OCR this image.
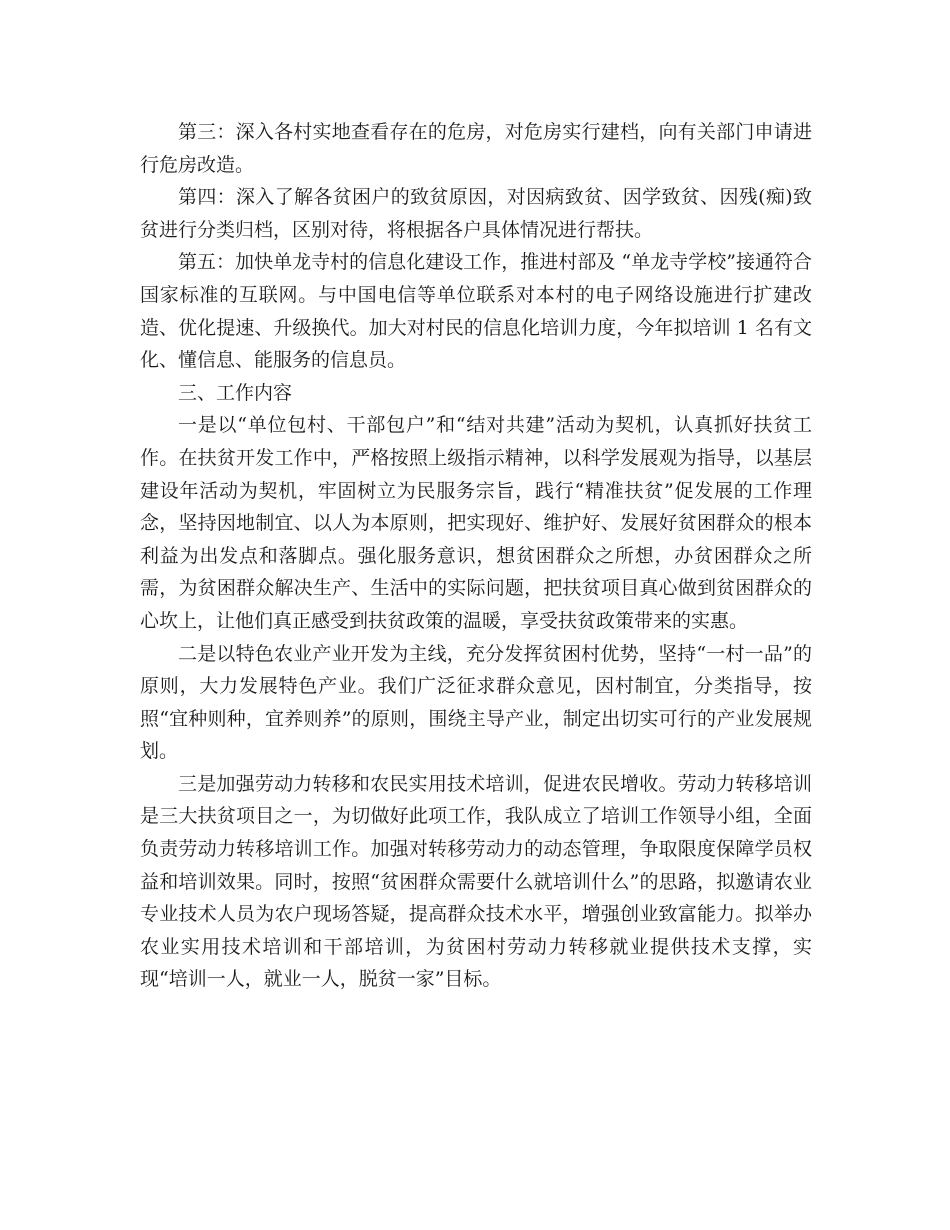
第三：深入各村实地查看存在的危房，对危房实行建档，向有关部门申请进行危房改造。

第四：深入了解各贫困户的致贫原因，对因病致贫、因学致贫、因残(痴)致贫进行分类归档，区别对待，将根据各户具体情况进行帮扶。

第五：加快单龙寺村的信息化建设工作，推进村部及 “单龙寺学校”接通符合国家标准的互联网。与中国电信等单位联系对本村的电子网络设施进行扩建改造、优化提速、升级换代。加大对村民的信息化培训力度，今年拟培训 1 名有文化、懂信息、能服务的信息员。

三、工作内容

一是以“单位包村、干部包户”和“结对共建”活动为契机，认真抓好扶贫工作。在扶贫开发工作中，严格按照上级指示精神，以科学发展观为指导，以基层建设年活动为契机，牢固树立为民服务宗旨，践行“精准扶贫”促发展的工作理念，坚持因地制宜、以人为本原则，把实现好、维护好、发展好贫困群众的根本利益为出发点和落脚点。强化服务意识，想贫困群众之所想，办贫困群众之所需，为贫困群众解决生产、生活中的实际问题，把扶贫项目真心做到贫困群众的心坎上，让他们真正感受到扶贫政策的温暖，享受扶贫政策带来的实惠。

二是以特色农业产业开发为主线，充分发挥贫困村优势，坚持“一村一品”的原则，大力发展特色产业。我们广泛征求群众意见，因村制宜，分类指导，按照“宜种则种，宜养则养”的原则，围绕主导产业，制定出切实可行的产业发展规划。

三是加强劳动力转移和农民实用技术培训，促进农民增收。劳动力转移培训是三大扶贫项目之一，为切做好此项工作，我队成立了培训工作领导小组，全面负责劳动力转移培训工作。加强对转移劳动力的动态管理，争取限度保障学员权益和培训效果。同时，按照“贫困群众需要什么就培训什么”的思路，拟邀请农业专业技术人员为农户现场答疑，提高群众技术水平，增强创业致富能力。拟举办农业实用技术培训和干部培训，为贫困村劳动力转移就业提供技术支撑，实现“培训一人，就业一人，脱贫一家”目标。
